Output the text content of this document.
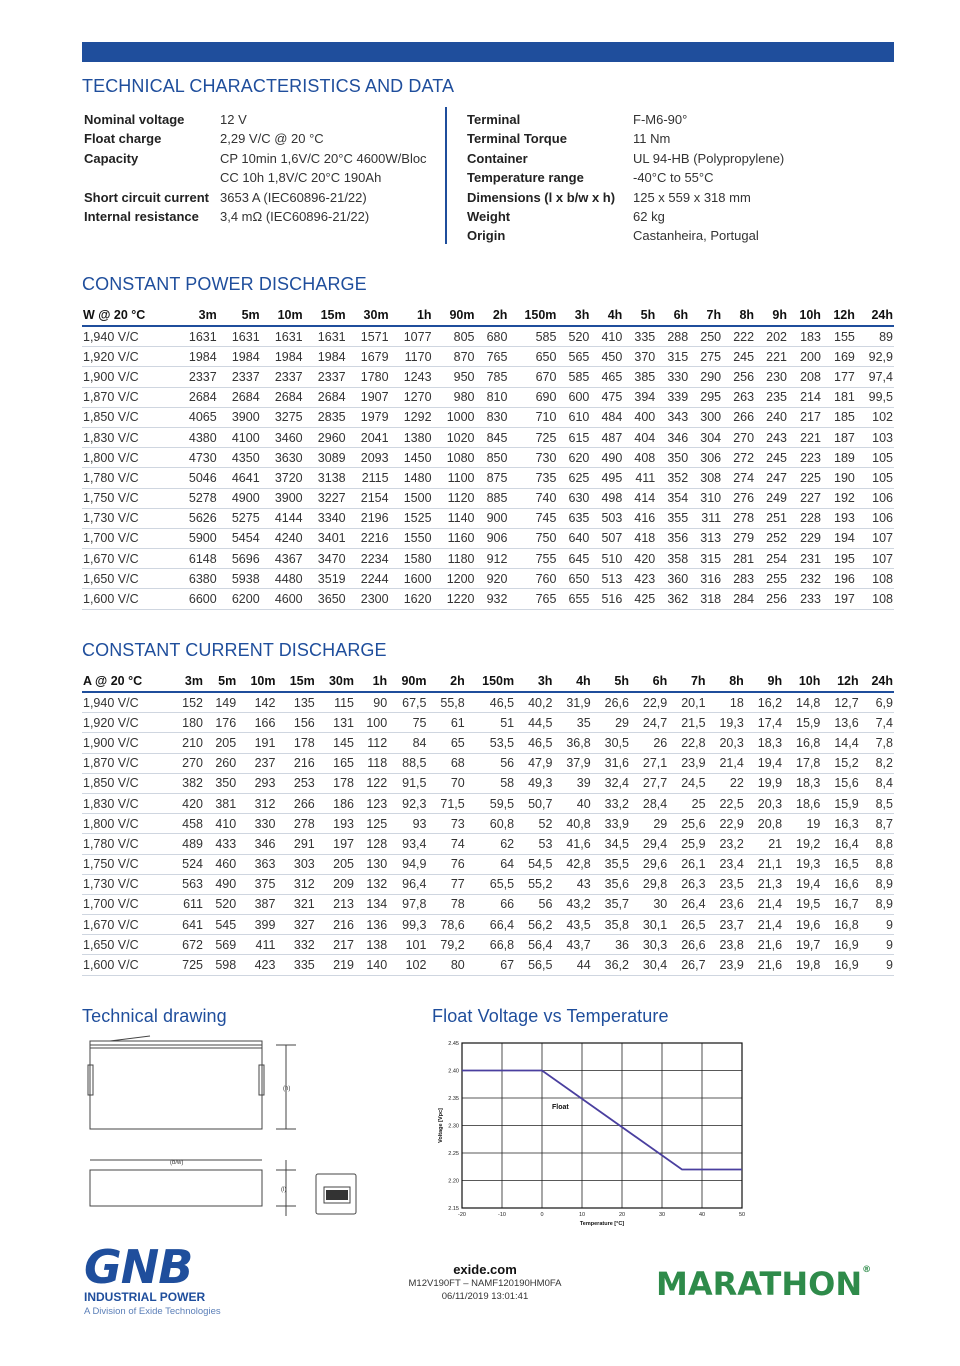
TECHNICAL CHARACTERISTICS AND DATA
Nominal voltage	12 V
Float charge	2,29 V/C @ 20 °C
Capacity	CP 10min 1,6V/C 20°C 4600W/Bloc
CC 10h 1,8V/C 20°C 190Ah
Short circuit current 3653 A (IEC60896-21/22)
Internal resistance	3,4 mΩ (IEC60896-21/22)
Terminal	F-M6-90°
Terminal Torque	11 Nm
Container	UL 94-HB (Polypropylene)
Temperature range	-40°C to 55°C
Dimensions (l x b/w x h)	125 x 559 x 318 mm
Weight	62 kg
Origin	Castanheira, Portugal
CONSTANT POWER DISCHARGE
W @ 20 °C	3m	5m	10m	15m	30m	1h	90m	2h	150m	3h	4h	5h	6h	7h	8h	9h	10h	12h	24h
1,940 V/C	1631	1631	1631	1631	1571	1077	805	680	585	520	410	335	288	250	222	202	183	155	89
1,920 V/C	1984	1984	1984	1984	1679	1170	870	765	650	565	450	370	315	275	245	221	200	169	92,9
1,900 V/C	2337	2337	2337	2337	1780	1243	950	785	670	585	465	385	330	290	256	230	208	177	97,4
1,870 V/C	2684	2684	2684	2684	1907	1270	980	810	690	600	475	394	339	295	263	235	214	181	99,5
1,850 V/C	4065	3900	3275	2835	1979	1292	1000	830	710	610	484	400	343	300	266	240	217	185	102
1,830 V/C	4380	4100	3460	2960	2041	1380	1020	845	725	615	487	404	346	304	270	243	221	187	103
1,800 V/C	4730	4350	3630	3089	2093	1450	1080	850	730	620	490	408	350	306	272	245	223	189	105
1,780 V/C	5046	4641	3720	3138	2115	1480	1100	875	735	625	495	411	352	308	274	247	225	190	105
1,750 V/C	5278	4900	3900	3227	2154	1500	1120	885	740	630	498	414	354	310	276	249	227	192	106
1,730 V/C	5626	5275	4144	3340	2196	1525	1140	900	745	635	503	416	355	311	278	251	228	193	106
1,700 V/C	5900	5454	4240	3401	2216	1550	1160	906	750	640	507	418	356	313	279	252	229	194	107
1,670 V/C	6148	5696	4367	3470	2234	1580	1180	912	755	645	510	420	358	315	281	254	231	195	107
1,650 V/C	6380	5938	4480	3519	2244	1600	1200	920	760	650	513	423	360	316	283	255	232	196	108
1,600 V/C	6600	6200	4600	3650	2300	1620	1220	932	765	655	516	425	362	318	284	256	233	197	108
CONSTANT CURRENT DISCHARGE
A @ 20 °C	3m	5m	10m	15m	30m	1h	90m	2h	150m	3h	4h	5h	6h	7h	8h	9h	10h	12h	24h
1,940 V/C	152	149	142	135	115	90	67,5	55,8	46,5	40,2	31,9	26,6	22,9	20,1	18	16,2	14,8	12,7	6,9
1,920 V/C	180	176	166	156	131	100	75	61	51	44,5	35	29	24,7	21,5	19,3	17,4	15,9	13,6	7,4
1,900 V/C	210	205	191	178	145	112	84	65	53,5	46,5	36,8	30,5	26	22,8	20,3	18,3	16,8	14,4	7,8
1,870 V/C	270	260	237	216	165	118	88,5	68	56	47,9	37,9	31,6	27,1	23,9	21,4	19,4	17,8	15,2	8,2
1,850 V/C	382	350	293	253	178	122	91,5	70	58	49,3	39	32,4	27,7	24,5	22	19,9	18,3	15,6	8,4
1,830 V/C	420	381	312	266	186	123	92,3	71,5	59,5	50,7	40	33,2	28,4	25	22,5	20,3	18,6	15,9	8,5
1,800 V/C	458	410	330	278	193	125	93	73	60,8	52	40,8	33,9	29	25,6	22,9	20,8	19	16,3	8,7
1,780 V/C	489	433	346	291	197	128	93,4	74	62	53	41,6	34,5	29,4	25,9	23,2	21	19,2	16,4	8,8
1,750 V/C	524	460	363	303	205	130	94,9	76	64	54,5	42,8	35,5	29,6	26,1	23,4	21,1	19,3	16,5	8,8
1,730 V/C	563	490	375	312	209	132	96,4	77	65,5	55,2	43	35,6	29,8	26,3	23,5	21,3	19,4	16,6	8,9
1,700 V/C	611	520	387	321	213	134	97,8	78	66	56	43,2	35,7	30	26,4	23,6	21,4	19,5	16,7	8,9
1,670 V/C	641	545	399	327	216	136	99,3	78,6	66,4	56,2	43,5	35,8	30,1	26,5	23,7	21,4	19,6	16,8	9
1,650 V/C	672	569	411	332	217	138	101	79,2	66,8	56,4	43,7	36	30,3	26,6	23,8	21,6	19,7	16,9	9
1,600 V/C	725	598	423	335	219	140	102	80	67	56,5	44	36,2	30,4	26,7	23,9	21,6	19,8	16,9	9
Technical drawing	Float Voltage vs Temperature
(h)
(b/w)
(l)
-20	-10	0	10	20	30	40	50
2.15
2.20
2.25
2.30
2.35
2.40
2.45
Float
Temperature [°C]
Voltage [Vpc]
GNB
INDUSTRIAL POWER
A Division of Exide Technologies
exide.com
M12V190FT – NAMF120190HM0FA
06/11/2019 13:01:41	MARATHON®
